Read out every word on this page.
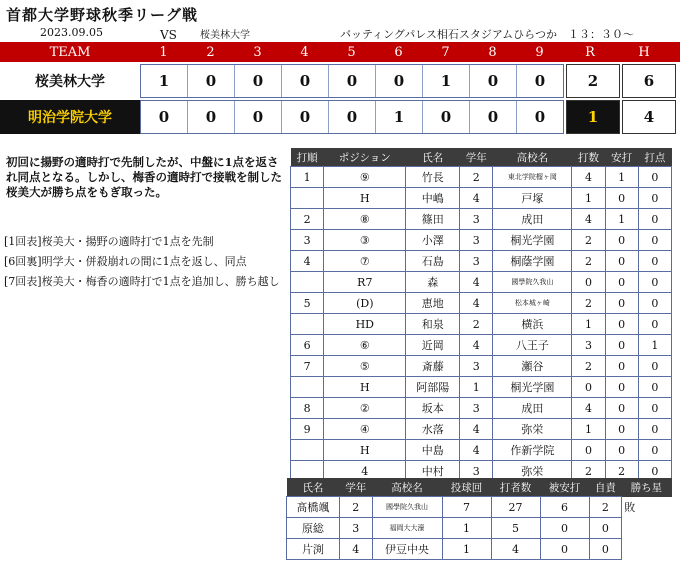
首都大学野球秋季リーグ戦
2023.09.05	VS 桜美林大学	バッティングパレス相石スタジアムひらつか　１３：３０～
TEAM	1	2	3	4	5	6	7	8	9	R	H
桜美林大学	1	0	0	0	0	0	1	0	0	2	6
明治学院大学	0	0	0	0	0	1	0	0	0	1	4
初回に揚野の適時打で先制したが、中盤に1点を返され同点となる。しかし、梅香の適時打で接戦を制した桜美大が勝ち点をもぎ取った。
[1回表]桜美大・揚野の適時打で1点を先制
[6回裏]明学大・併殺崩れの間に1点を返し、同点
[7回表]桜美大・梅香の適時打で1点を追加し、勝ち越し
打順	ポジション	氏名	学年	高校名	打数	安打	打点
1	⑨	竹長	2	東北学院榴ヶ岡	4	1	0
	H	中嶋	4	戸塚	1	0	0
2	⑧	篠田	3	成田	4	1	0
3	③	小澤	3	桐光学園	2	0	0
4	⑦	石島	3	桐蔭学園	2	0	0
	R7	森	4	國學院久我山	0	0	0
5	(D)	恵地	4	松本城ヶ崎	2	0	0
	HD	和泉	2	横浜	1	0	0
6	⑥	近岡	4	八王子	3	0	1
7	⑤	斎藤	3	瀬谷	2	0	0
	H	阿部陽	1	桐光学園	0	0	0
8	②	坂本	3	成田	4	0	0
9	④	水落	4	弥栄	1	0	0
	H	中島	4	作新学院	0	0	0
	4	中村	3	弥栄	2	2	0
氏名	学年	高校名	投球回	打者数	被安打	自責	勝ち星
髙橋颯	2	國學院久我山	7	27	6	2	敗
原総	3	福岡大大濠	1	5	0	0	
片渕	4	伊豆中央	1	4	0	0	
